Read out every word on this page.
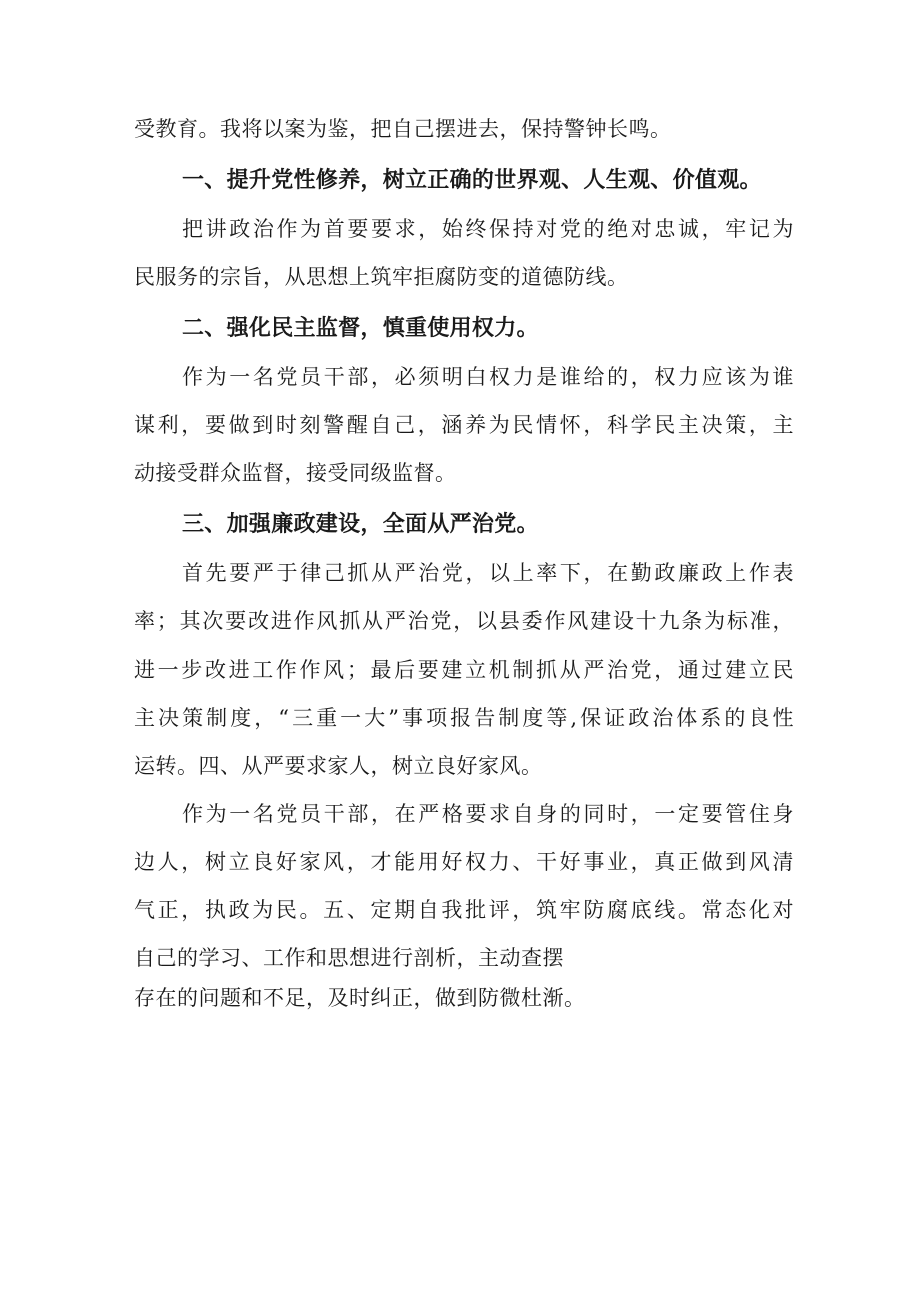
受教育。我将以案为鉴，把自己摆进去，保持警钟长鸣。
一、提升党性修养，树立正确的世界观、人生观、价值观。
把讲政治作为首要要求，始终保持对党的绝对忠诚，牢记为
民服务的宗旨，从思想上筑牢拒腐防变的道德防线。
二、强化民主监督，慎重使用权力。
作为一名党员干部，必须明白权力是谁给的，权力应该为谁
谋利，要做到时刻警醒自己，涵养为民情怀，科学民主决策，主
动接受群众监督，接受同级监督。
三、加强廉政建设，全面从严治党。
首先要严于律己抓从严治党，以上率下，在勤政廉政上作表
率；其次要改进作风抓从严治党，以县委作风建设十九条为标准，
进一步改进工作作风；最后要建立机制抓从严治党，通过建立民
主决策制度，“三重一大”事项报告制度等,保证政治体系的良性
运转。四、从严要求家人，树立良好家风。
作为一名党员干部，在严格要求自身的同时，一定要管住身
边人，树立良好家风，才能用好权力、干好事业，真正做到风清
气正，执政为民。五、定期自我批评，筑牢防腐底线。常态化对
自己的学习、工作和思想进行剖析，主动查摆
存在的问题和不足，及时纠正，做到防微杜渐。
